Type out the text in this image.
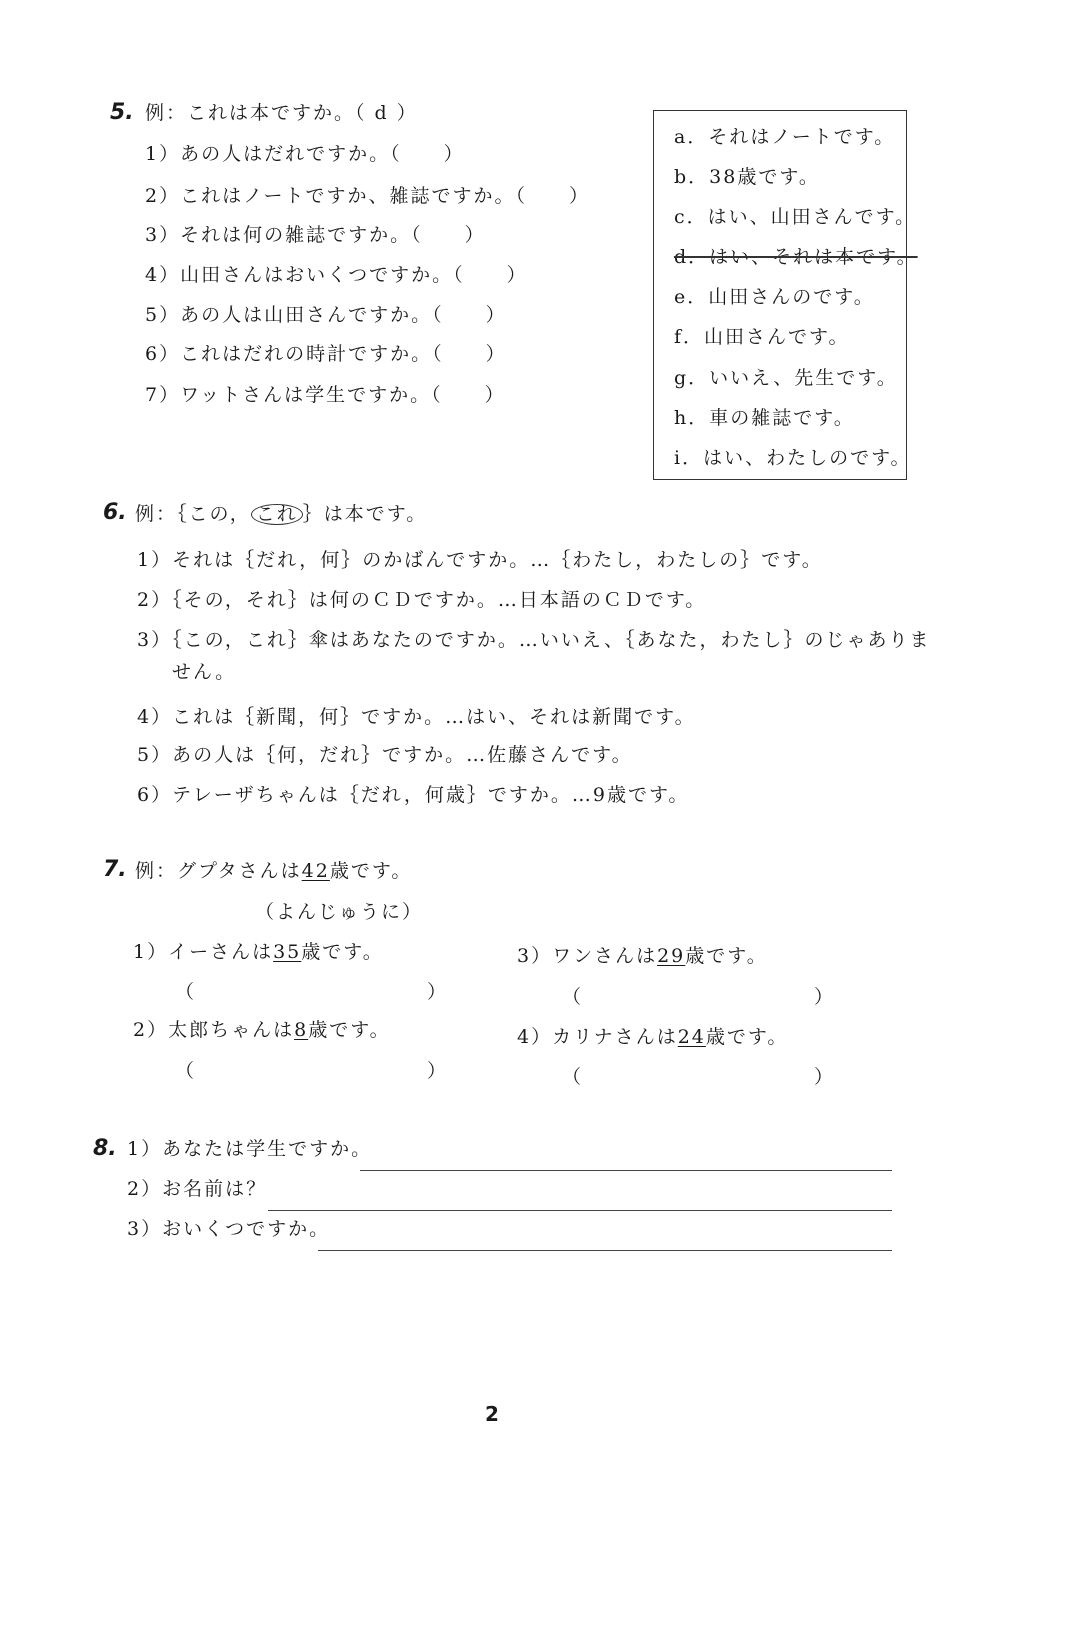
5. 例：これは本ですか。（ d ）
1）あの人はだれですか。（　　）
2）これはノートですか、雑誌ですか。（　　）
3）それは何の雑誌ですか。（　　）
4）山田さんはおいくつですか。（　　）
5）あの人は山田さんですか。（　　）
6）これはだれの時計ですか。（　　）
7）ワットさんは学生ですか。（　　）
a．それはノートです。
b．38歳です。
c．はい、山田さんです。
d．はい、それは本です。
e．山田さんのです。
f．山田さんです。
g．いいえ、先生です。
h．車の雑誌です。
i．はい、わたしのです。
6. 例：｛この， これ ｝は本です。
1）それは｛だれ，何｝のかばんですか。…｛わたし，わたしの｝です。
2）｛その，それ｝は何のＣＤですか。…日本語のＣＤです。
3）｛この，これ｝傘はあなたのですか。…いいえ、｛あなた，わたし｝のじゃありま
せん。
4）これは｛新聞，何｝ですか。…はい、それは新聞です。
5）あの人は｛何，だれ｝ですか。…佐藤さんです。
6）テレーザちゃんは｛だれ，何歳｝ですか。…9歳です。
7. 例：グプタさんは42歳です。
（よんじゅうに）
1）イーさんは35歳です。
（　　　　　　　　　　　）
2）太郎ちゃんは8歳です。
（　　　　　　　　　　　）
3）ワンさんは29歳です。
（　　　　　　　　　　　）
4）カリナさんは24歳です。
（　　　　　　　　　　　）
8. 1）あなたは学生ですか。
2）お名前は？
3）おいくつですか。
2
